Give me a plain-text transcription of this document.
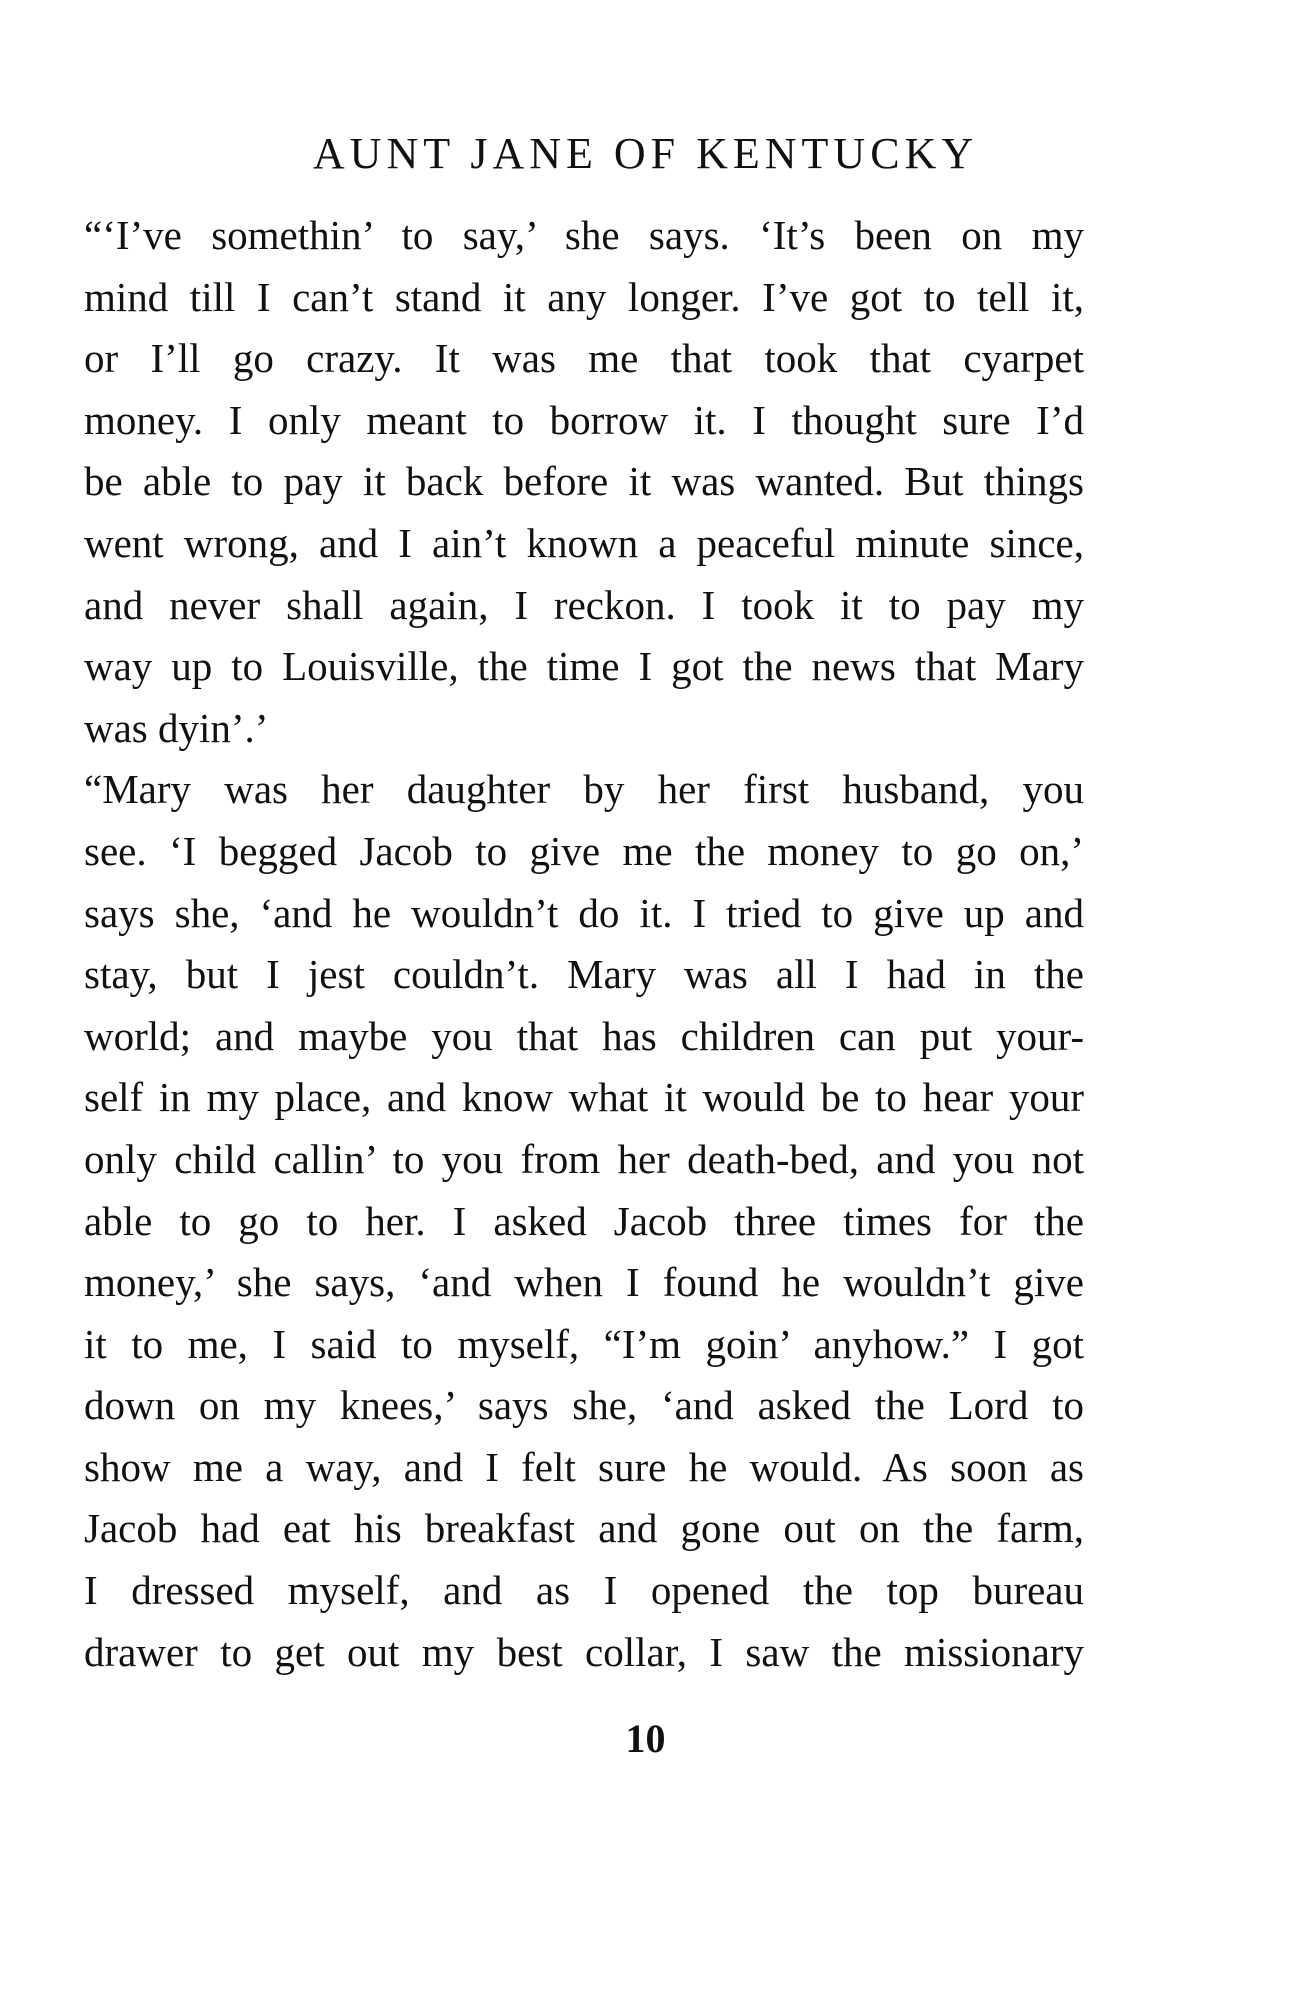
AUNT JANE OF KENTUCKY
“‘I’ve somethin’ to say,’ she says. ‘It’s been on my
mind till I can’t stand it any longer. I’ve got to tell it,
or I’ll go crazy. It was me that took that cyarpet
money. I only meant to borrow it. I thought sure I’d
be able to pay it back before it was wanted. But things
went wrong, and I ain’t known a peaceful minute since,
and never shall again, I reckon. I took it to pay my
way up to Louisville, the time I got the news that Mary
was dyin’.’
“Mary was her daughter by her first husband, you
see. ‘I begged Jacob to give me the money to go on,’
says she, ‘and he wouldn’t do it. I tried to give up and
stay, but I jest couldn’t. Mary was all I had in the
world; and maybe you that has children can put your-
self in my place, and know what it would be to hear your
only child callin’ to you from her death-bed, and you not
able to go to her. I asked Jacob three times for the
money,’ she says, ‘and when I found he wouldn’t give
it to me, I said to myself, “I’m goin’ anyhow.” I got
down on my knees,’ says she, ‘and asked the Lord to
show me a way, and I felt sure he would. As soon as
Jacob had eat his breakfast and gone out on the farm,
I dressed myself, and as I opened the top bureau
drawer to get out my best collar, I saw the missionary
10
